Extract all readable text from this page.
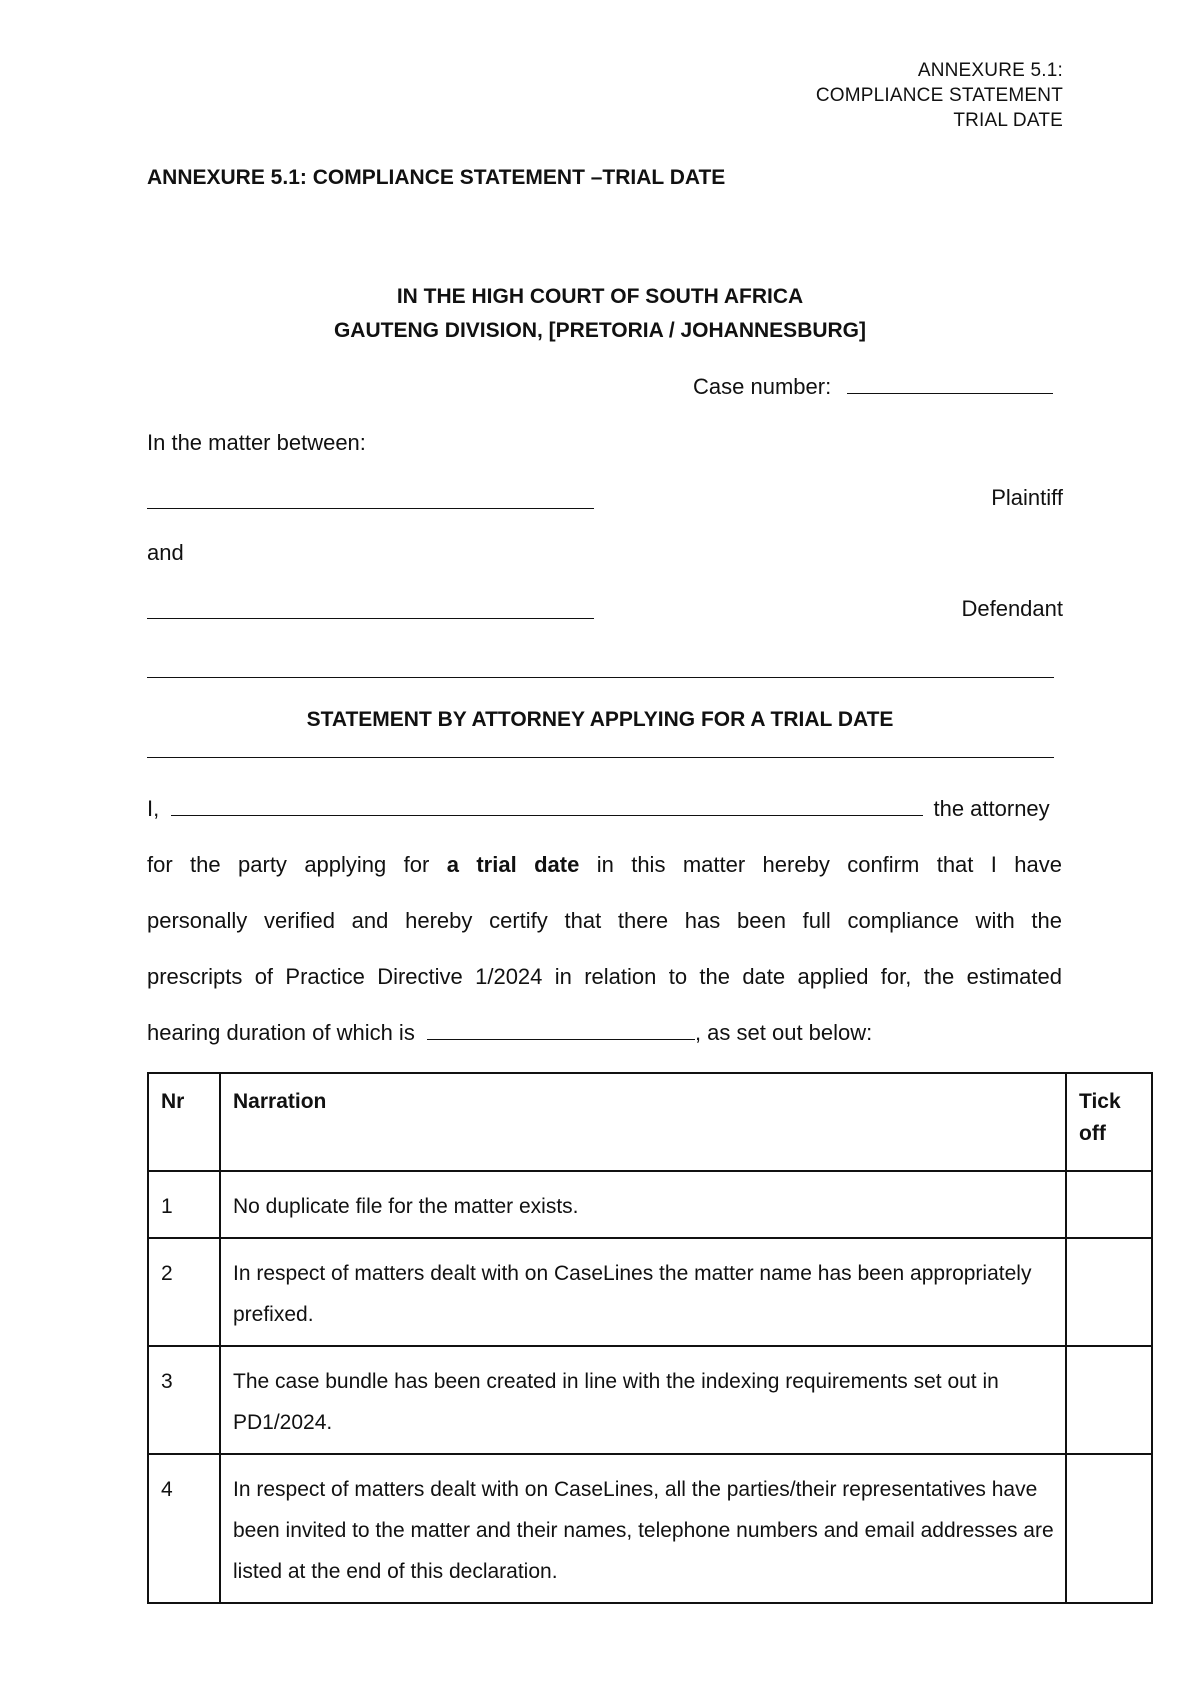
ANNEXURE 5.1:
COMPLIANCE STATEMENT
TRIAL DATE
ANNEXURE 5.1: COMPLIANCE STATEMENT –TRIAL DATE
IN THE HIGH COURT OF SOUTH AFRICA
GAUTENG DIVISION, [PRETORIA / JOHANNESBURG]
Case number:
In the matter between:
Plaintiff
and
Defendant
STATEMENT BY ATTORNEY APPLYING FOR A TRIAL DATE
I,	the attorney
for the party applying for a trial date in this matter hereby confirm that I have
personally verified and hereby certify that there has been full compliance with the
prescripts of Practice Directive 1/2024 in relation to the date applied for, the estimated
hearing duration of which is	, as set out below:
Nr	Narration	Tick off
1	No duplicate file for the matter exists.	
2	In respect of matters dealt with on CaseLines the matter name has been appropriately prefixed.	
3	The case bundle has been created in line with the indexing requirements set out in PD1/2024.	
4	In respect of matters dealt with on CaseLines, all the parties/their representatives have been invited to the matter and their names, telephone numbers and email addresses are listed at the end of this declaration.	
